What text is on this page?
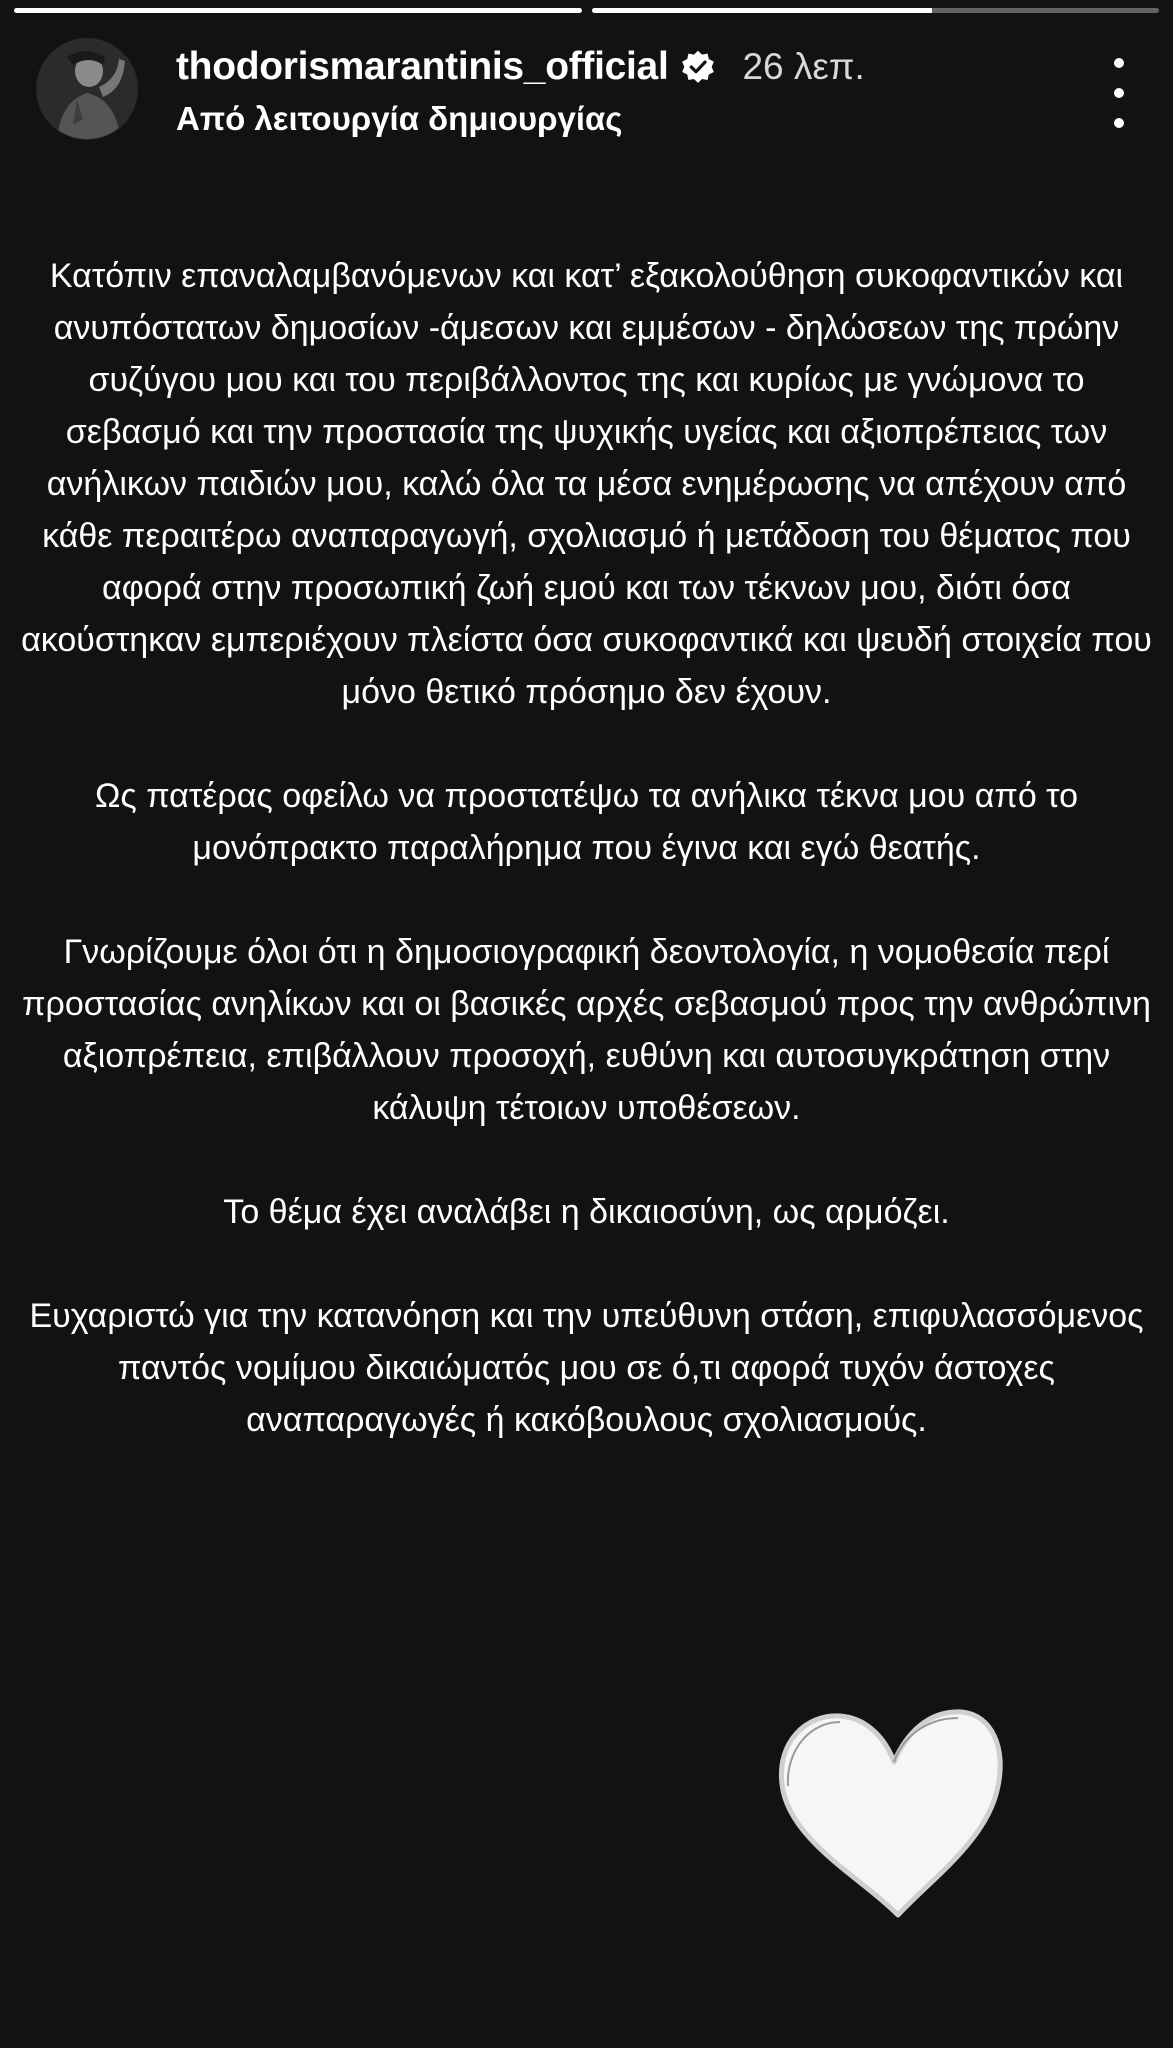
thodorismarantinis_official 26 λεπ.
Από λειτουργία δημιουργίας

Κατόπιν επαναλαμβανόμενων και κατ’ εξακολούθηση συκοφαντικών και ανυπόστατων δημοσίων -άμεσων και εμμέσων - δηλώσεων της πρώην συζύγου μου και του περιβάλλοντος της και κυρίως με γνώμονα το σεβασμό και την προστασία της ψυχικής υγείας και αξιοπρέπειας των ανήλικων παιδιών μου, καλώ όλα τα μέσα ενημέρωσης να απέχουν από κάθε περαιτέρω αναπαραγωγή, σχολιασμό ή μετάδοση του θέματος που αφορά στην προσωπική ζωή εμού και των τέκνων μου, διότι όσα ακούστηκαν εμπεριέχουν πλείστα όσα συκοφαντικά και ψευδή στοιχεία που μόνο θετικό πρόσημο δεν έχουν.

Ως πατέρας οφείλω να προστατέψω τα ανήλικα τέκνα μου από το μονόπρακτο παραλήρημα που έγινα και εγώ θεατής.

Γνωρίζουμε όλοι ότι η δημοσιογραφική δεοντολογία, η νομοθεσία περί προστασίας ανηλίκων και οι βασικές αρχές σεβασμού προς την ανθρώπινη αξιοπρέπεια, επιβάλλουν προσοχή, ευθύνη και αυτοσυγκράτηση στην κάλυψη τέτοιων υποθέσεων.

Το θέμα έχει αναλάβει η δικαιοσύνη, ως αρμόζει.

Ευχαριστώ για την κατανόηση και την υπεύθυνη στάση, επιφυλασσόμενος παντός νομίμου δικαιώματός μου σε ό,τι αφορά τυχόν άστοχες αναπαραγωγές ή κακόβουλους σχολιασμούς.
